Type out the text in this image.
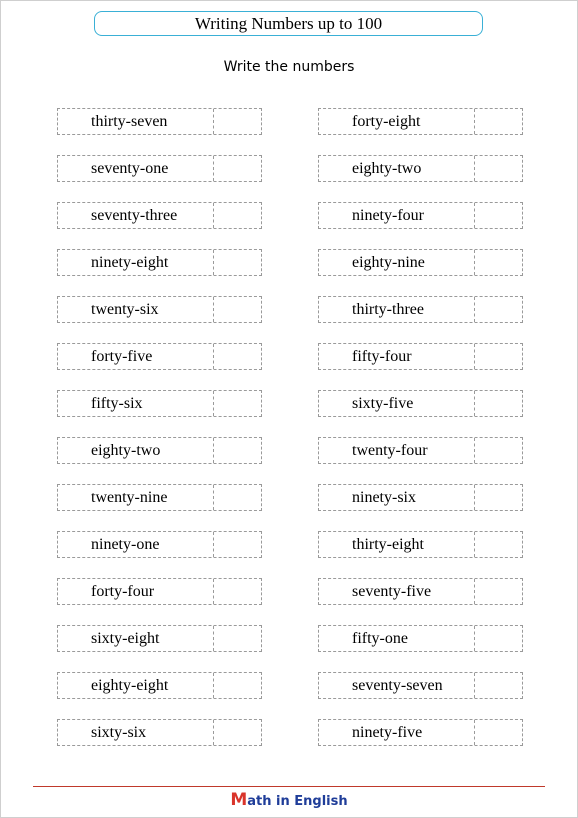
Writing Numbers up to 100
Write the numbers
thirty-seven	forty-eight
seventy-one	eighty-two
seventy-three	ninety-four
ninety-eight	eighty-nine
twenty-six	thirty-three
forty-five	fifty-four
fifty-six	sixty-five
eighty-two	twenty-four
twenty-nine	ninety-six
ninety-one	thirty-eight
forty-four	seventy-five
sixty-eight	fifty-one
eighty-eight	seventy-seven
sixty-six	ninety-five
Math in English
